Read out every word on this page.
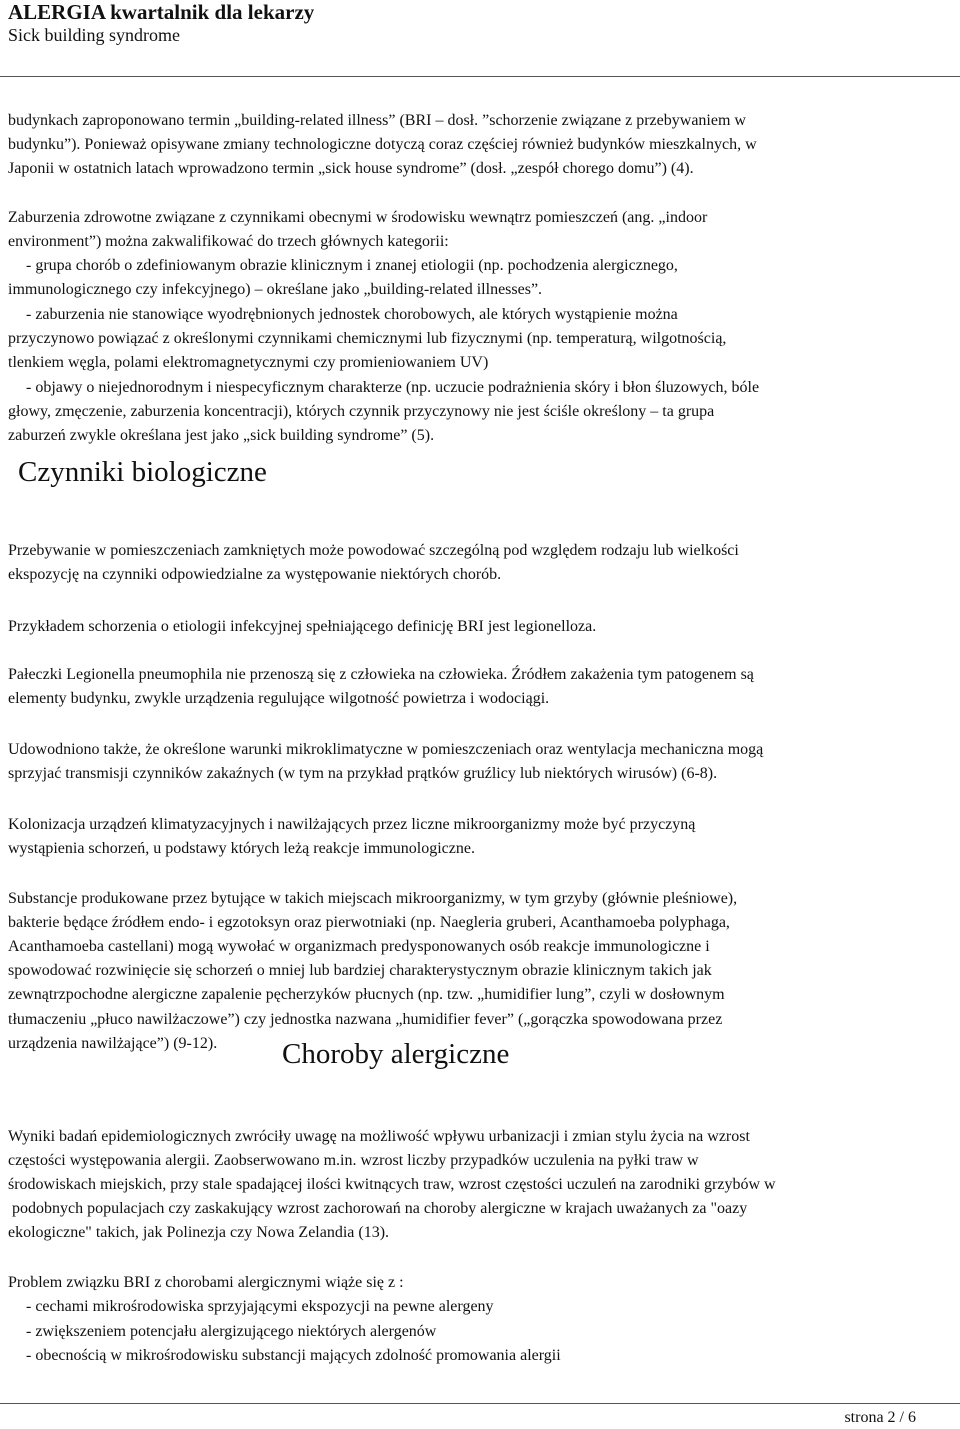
ALERGIA kwartalnik dla lekarzy
Sick building syndrome
budynkach zaproponowano termin „building-related illness” (BRI – dosł. ”schorzenie związane z przebywaniem w
budynku”). Ponieważ opisywane zmiany technologiczne dotyczą coraz częściej również budynków mieszkalnych, w
Japonii w ostatnich latach wprowadzono termin „sick house syndrome” (dosł. „zespół chorego domu”) (4).
Zaburzenia zdrowotne związane z czynnikami obecnymi w środowisku wewnątrz pomieszczeń (ang. „indoor
environment”) można zakwalifikować do trzech głównych kategorii:
- grupa chorób o zdefiniowanym obrazie klinicznym i znanej etiologii (np. pochodzenia alergicznego,
immunologicznego czy infekcyjnego) – określane jako „building-related illnesses”.
- zaburzenia nie stanowiące wyodrębnionych jednostek chorobowych, ale których wystąpienie można
przyczynowo powiązać z określonymi czynnikami chemicznymi lub fizycznymi (np. temperaturą, wilgotnością,
tlenkiem węgla, polami elektromagnetycznymi czy promieniowaniem UV)
- objawy o niejednorodnym i niespecyficznym charakterze (np. uczucie podrażnienia skóry i błon śluzowych, bóle
głowy, zmęczenie, zaburzenia koncentracji), których czynnik przyczynowy nie jest ściśle określony – ta grupa
zaburzeń zwykle określana jest jako „sick building syndrome” (5).
Czynniki biologiczne
Przebywanie w pomieszczeniach zamkniętych może powodować szczególną pod względem rodzaju lub wielkości
ekspozycję na czynniki odpowiedzialne za występowanie niektórych chorób.
Przykładem schorzenia o etiologii infekcyjnej spełniającego definicję BRI jest legionelloza.
Pałeczki Legionella pneumophila nie przenoszą się z człowieka na człowieka. Źródłem zakażenia tym patogenem są
elementy budynku, zwykle urządzenia regulujące wilgotność powietrza i wodociągi.
Udowodniono także, że określone warunki mikroklimatyczne w pomieszczeniach oraz wentylacja mechaniczna mogą
sprzyjać transmisji czynników zakaźnych (w tym na przykład prątków gruźlicy lub niektórych wirusów) (6-8).
Kolonizacja urządzeń klimatyzacyjnych i nawilżających przez liczne mikroorganizmy może być przyczyną
wystąpienia schorzeń, u podstawy których leżą reakcje immunologiczne.
Substancje produkowane przez bytujące w takich miejscach mikroorganizmy, w tym grzyby (głównie pleśniowe),
bakterie będące źródłem endo- i egzotoksyn oraz pierwotniaki (np. Naegleria gruberi, Acanthamoeba polyphaga,
Acanthamoeba castellani) mogą wywołać w organizmach predysponowanych osób reakcje immunologiczne i
spowodować rozwinięcie się schorzeń o mniej lub bardziej charakterystycznym obrazie klinicznym takich jak
zewnątrzpochodne alergiczne zapalenie pęcherzyków płucnych (np. tzw. „humidifier lung”, czyli w dosłownym
tłumaczeniu „płuco nawilżaczowe”) czy jednostka nazwana „humidifier fever” („gorączka spowodowana przez
urządzenia nawilżające”) (9-12). Choroby alergiczne
Wyniki badań epidemiologicznych zwróciły uwagę na możliwość wpływu urbanizacji i zmian stylu życia na wzrost
częstości występowania alergii. Zaobserwowano m.in. wzrost liczby przypadków uczulenia na pyłki traw w
środowiskach miejskich, przy stale spadającej ilości kwitnących traw, wzrost częstości uczuleń na zarodniki grzybów w
podobnych populacjach czy zaskakujący wzrost zachorowań na choroby alergiczne w krajach uważanych za "oazy
ekologiczne" takich, jak Polinezja czy Nowa Zelandia (13).
Problem związku BRI z chorobami alergicznymi wiąże się z :
- cechami mikrośrodowiska sprzyjającymi ekspozycji na pewne alergeny
- zwiększeniem potencjału alergizującego niektórych alergenów
- obecnością w mikrośrodowisku substancji mających zdolność promowania alergii
strona 2 / 6
